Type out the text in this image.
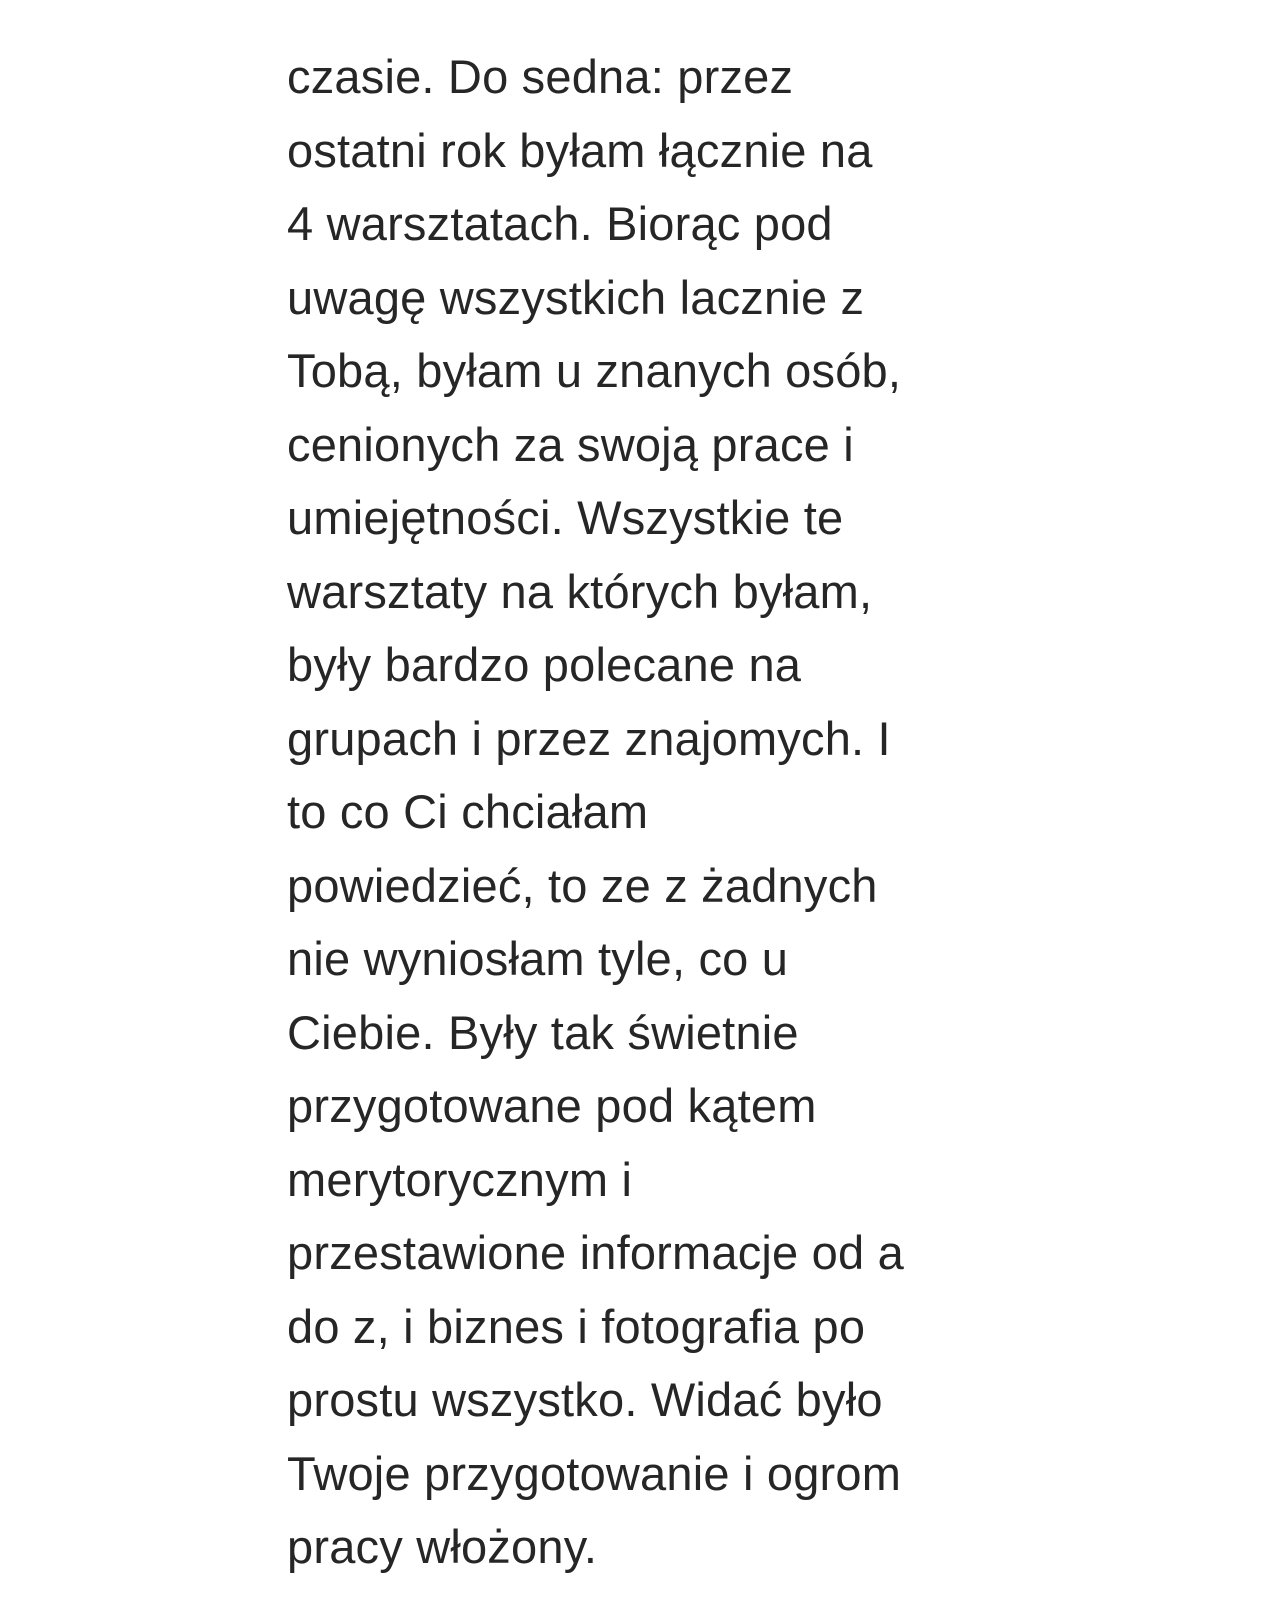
czasie. Do sedna: przez
ostatni rok byłam łącznie na
4 warsztatach. Biorąc pod
uwagę wszystkich lacznie z
Tobą, byłam u znanych osób,
cenionych za swoją prace i
umiejętności. Wszystkie te
warsztaty na których byłam,
były bardzo polecane na
grupach i przez znajomych. I
to co Ci chciałam
powiedzieć, to ze z żadnych
nie wyniosłam tyle, co u
Ciebie. Były tak świetnie
przygotowane pod kątem
merytorycznym i
przestawione informacje od a
do z, i biznes i fotografia po
prostu wszystko. Widać było
Twoje przygotowanie i ogrom
pracy włożony.
